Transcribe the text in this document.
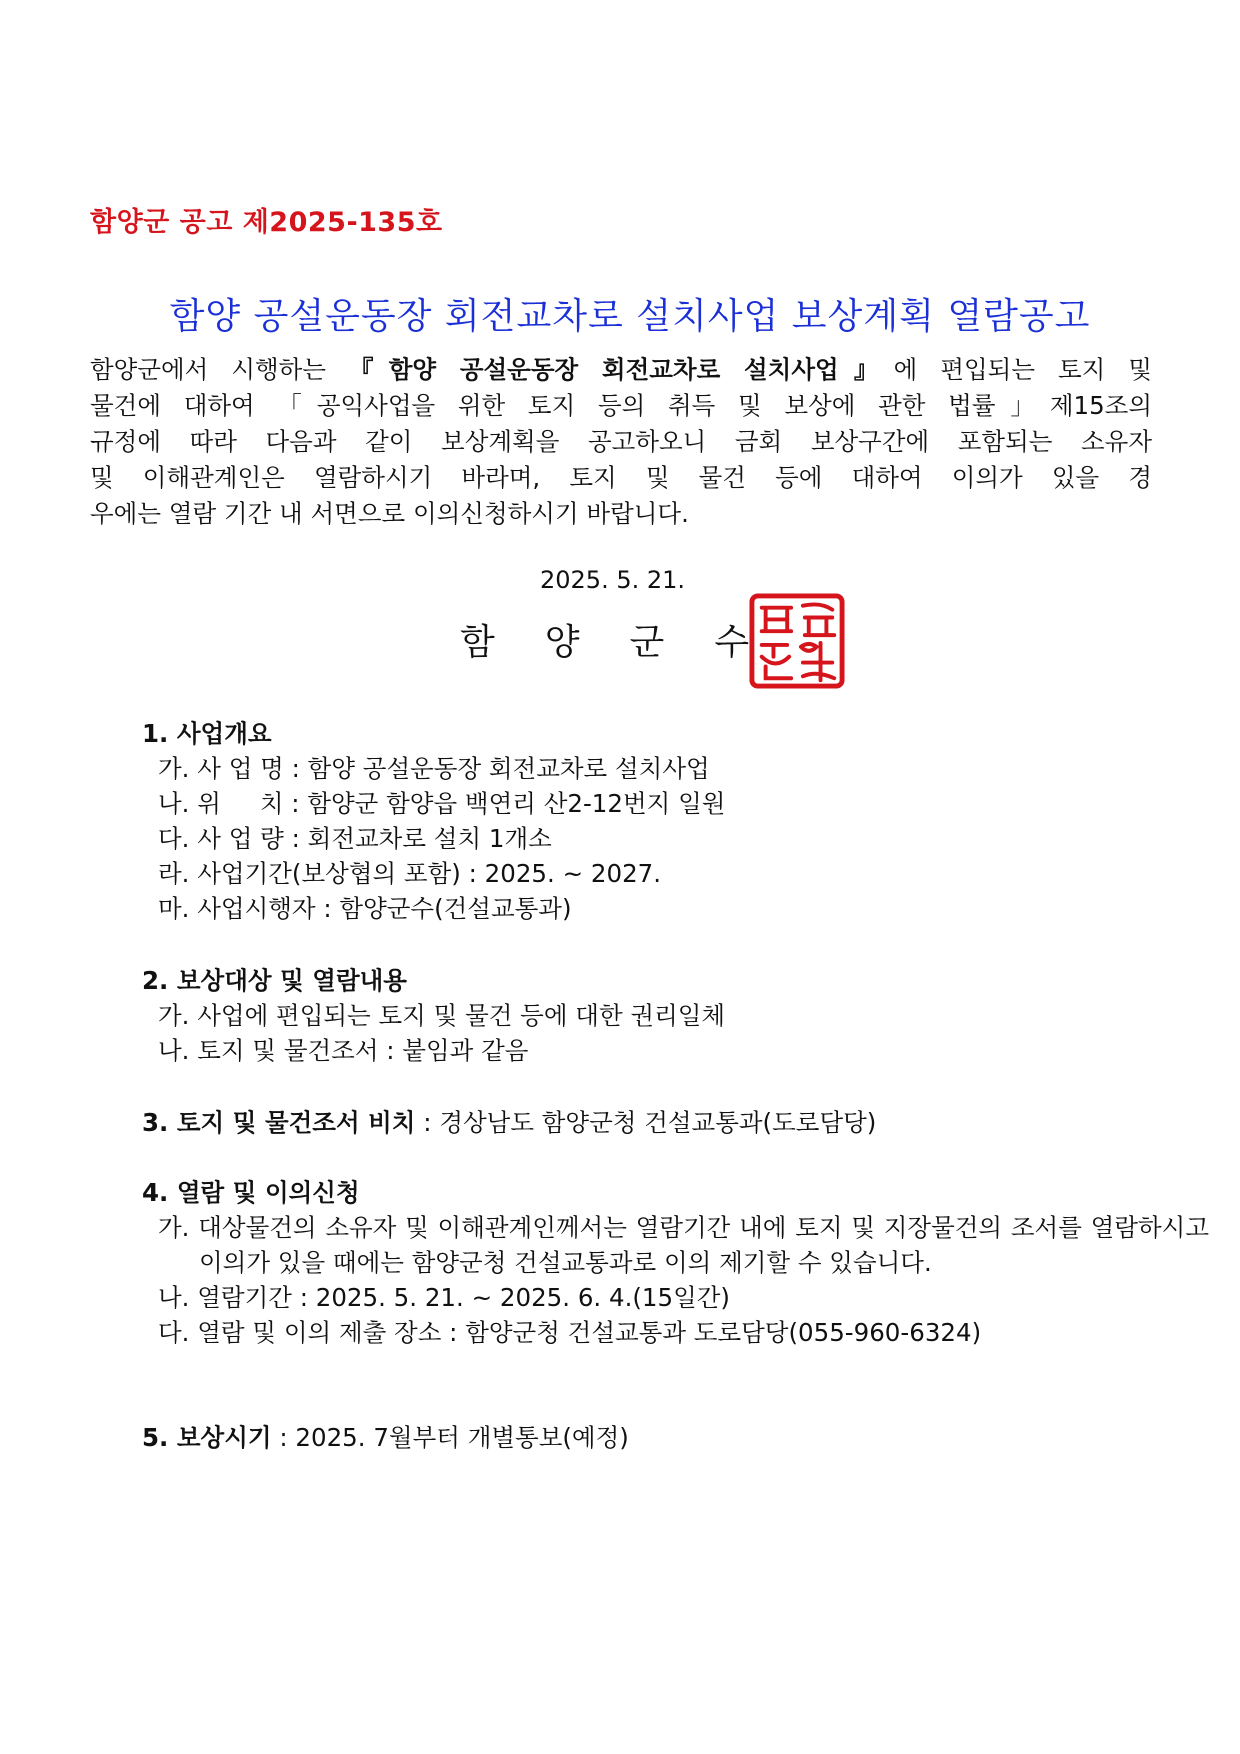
함양군 공고 제2025-135호
함양 공설운동장 회전교차로 설치사업 보상계획 열람공고
함양군에서 시행하는 『함양 공설운동장 회전교차로 설치사업』에 편입되는 토지 및
물건에 대하여 「공익사업을 위한 토지 등의 취득 및 보상에 관한 법률」제15조의
규정에 따라 다음과 같이 보상계획을 공고하오니 금회 보상구간에 포함되는 소유자
및 이해관계인은 열람하시기 바라며, 토지 및 물건 등에 대하여 이의가 있을 경
우에는 열람 기간 내 서면으로 이의신청하시기 바랍니다.
2025. 5. 21.
함양군수
1. 사업개요
가. 사 업 명 : 함양 공설운동장 회전교차로 설치사업
나. 위     치 : 함양군 함양읍 백연리 산2-12번지 일원
다. 사 업 량 : 회전교차로 설치 1개소
라. 사업기간(보상협의 포함) : 2025. ~ 2027.
마. 사업시행자 : 함양군수(건설교통과)
2. 보상대상 및 열람내용
가. 사업에 편입되는 토지 및 물건 등에 대한 권리일체
나. 토지 및 물건조서 : 붙임과 같음
3. 토지 및 물건조서 비치 : 경상남도 함양군청 건설교통과(도로담당)
4. 열람 및 이의신청
가. 대상물건의 소유자 및 이해관계인께서는 열람기간 내에 토지 및 지장물건의 조서를 열람하시고 이의가 있을 때에는 함양군청 건설교통과로 이의 제기할 수 있습니다.
나. 열람기간 : 2025. 5. 21. ~ 2025. 6. 4.(15일간)
다. 열람 및 이의 제출 장소 : 함양군청 건설교통과 도로담당(055-960-6324)
5. 보상시기 : 2025. 7월부터 개별통보(예정)
